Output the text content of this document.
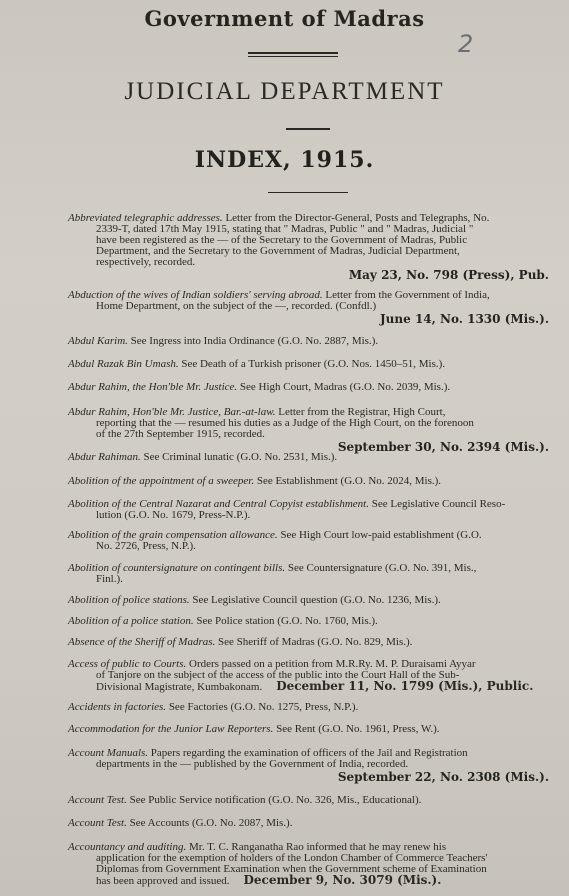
Government of Madras
2
JUDICIAL DEPARTMENT
INDEX, 1915.
Abbreviated telegraphic addresses. Letter from the Director-General, Posts and Telegraphs, No.
2339-T, dated 17th May 1915, stating that " Madras, Public " and " Madras, Judicial "
have been registered as the — of the Secretary to the Government of Madras, Public
Department, and the Secretary to the Government of Madras, Judicial Department,
respectively, recorded.
May 23, No. 798 (Press), Pub.
Abduction of the wives of Indian soldiers' serving abroad. Letter from the Government of India,
Home Department, on the subject of the —, recorded. (Confdl.)
June 14, No. 1330 (Mis.).
Abdul Karim. See Ingress into India Ordinance (G.O. No. 2887, Mis.).
Abdul Razak Bin Umash. See Death of a Turkish prisoner (G.O. Nos. 1450–51, Mis.).
Abdur Rahim, the Hon'ble Mr. Justice. See High Court, Madras (G.O. No. 2039, Mis.).
Abdur Rahim, Hon'ble Mr. Justice, Bar.-at-law. Letter from the Registrar, High Court,
reporting that the — resumed his duties as a Judge of the High Court, on the forenoon
of the 27th September 1915, recorded.
September 30, No. 2394 (Mis.).
Abdur Rahiman. See Criminal lunatic (G.O. No. 2531, Mis.).
Abolition of the appointment of a sweeper. See Establishment (G.O. No. 2024, Mis.).
Abolition of the Central Nazarat and Central Copyist establishment. See Legislative Council Reso-
lution (G.O. No. 1679, Press-N.P.).
Abolition of the grain compensation allowance. See High Court low-paid establishment (G.O.
No. 2726, Press, N.P.).
Abolition of countersignature on contingent bills. See Countersignature (G.O. No. 391, Mis.,
Finl.).
Abolition of police stations. See Legislative Council question (G.O. No. 1236, Mis.).
Abolition of a police station. See Police station (G.O. No. 1760, Mis.).
Absence of the Sheriff of Madras. See Sheriff of Madras (G.O. No. 829, Mis.).
Access of public to Courts. Orders passed on a petition from M.R.Ry. M. P. Duraisami Ayyar
of Tanjore on the subject of the access of the public into the Court Hall of the Sub-
Divisional Magistrate, Kumbakonam. December 11, No. 1799 (Mis.), Public.
Accidents in factories. See Factories (G.O. No. 1275, Press, N.P.).
Accommodation for the Junior Law Reporters. See Rent (G.O. No. 1961, Press, W.).
Account Manuals. Papers regarding the examination of officers of the Jail and Registration
departments in the — published by the Government of India, recorded.
September 22, No. 2308 (Mis.).
Account Test. See Public Service notification (G.O. No. 326, Mis., Educational).
Account Test. See Accounts (G.O. No. 2087, Mis.).
Accountancy and auditing. Mr. T. C. Ranganatha Rao informed that he may renew his
application for the exemption of holders of the London Chamber of Commerce Teachers'
Diplomas from Government Examination when the Government scheme of Examination
has been approved and issued. December 9, No. 3079 (Mis.).
